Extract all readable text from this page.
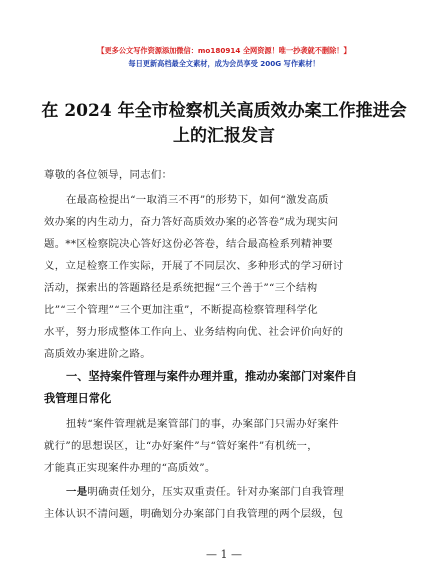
【更多公文写作资源添加微信：mo180914 全网资源！唯一抄袭就不删除！】
每日更新高档最全文素材，成为会员享受 200G 写作素材！
在 2024 年全市检察机关高质效办案工作推进会
上的汇报发言
尊敬的各位领导，同志们：
在最高检提出“一取消三不再”的形势下，如何“激发高质
效办案的内生动力，奋力答好高质效办案的必答卷”成为现实问
题。**区检察院决心答好这份必答卷，结合最高检系列精神要
义，立足检察工作实际，开展了不同层次、多种形式的学习研讨
活动，探索出的答题路径是系统把握“三个善于”“三个结构
比”“三个管理”“三个更加注重”，不断提高检察管理科学化
水平，努力形成整体工作向上、业务结构向优、社会评价向好的
高质效办案进阶之路。
一、坚持案件管理与案件办理并重，推动办案部门对案件自
我管理日常化
扭转“案件管理就是案管部门的事，办案部门只需办好案件
就行”的思想误区，让“办好案件”与“管好案件”有机统一，
才能真正实现案件办理的“高质效”。
一是明确责任划分，压实双重责任。针对办案部门自我管理
主体认识不清问题，明确划分办案部门自我管理的两个层级，包
— 1 —
